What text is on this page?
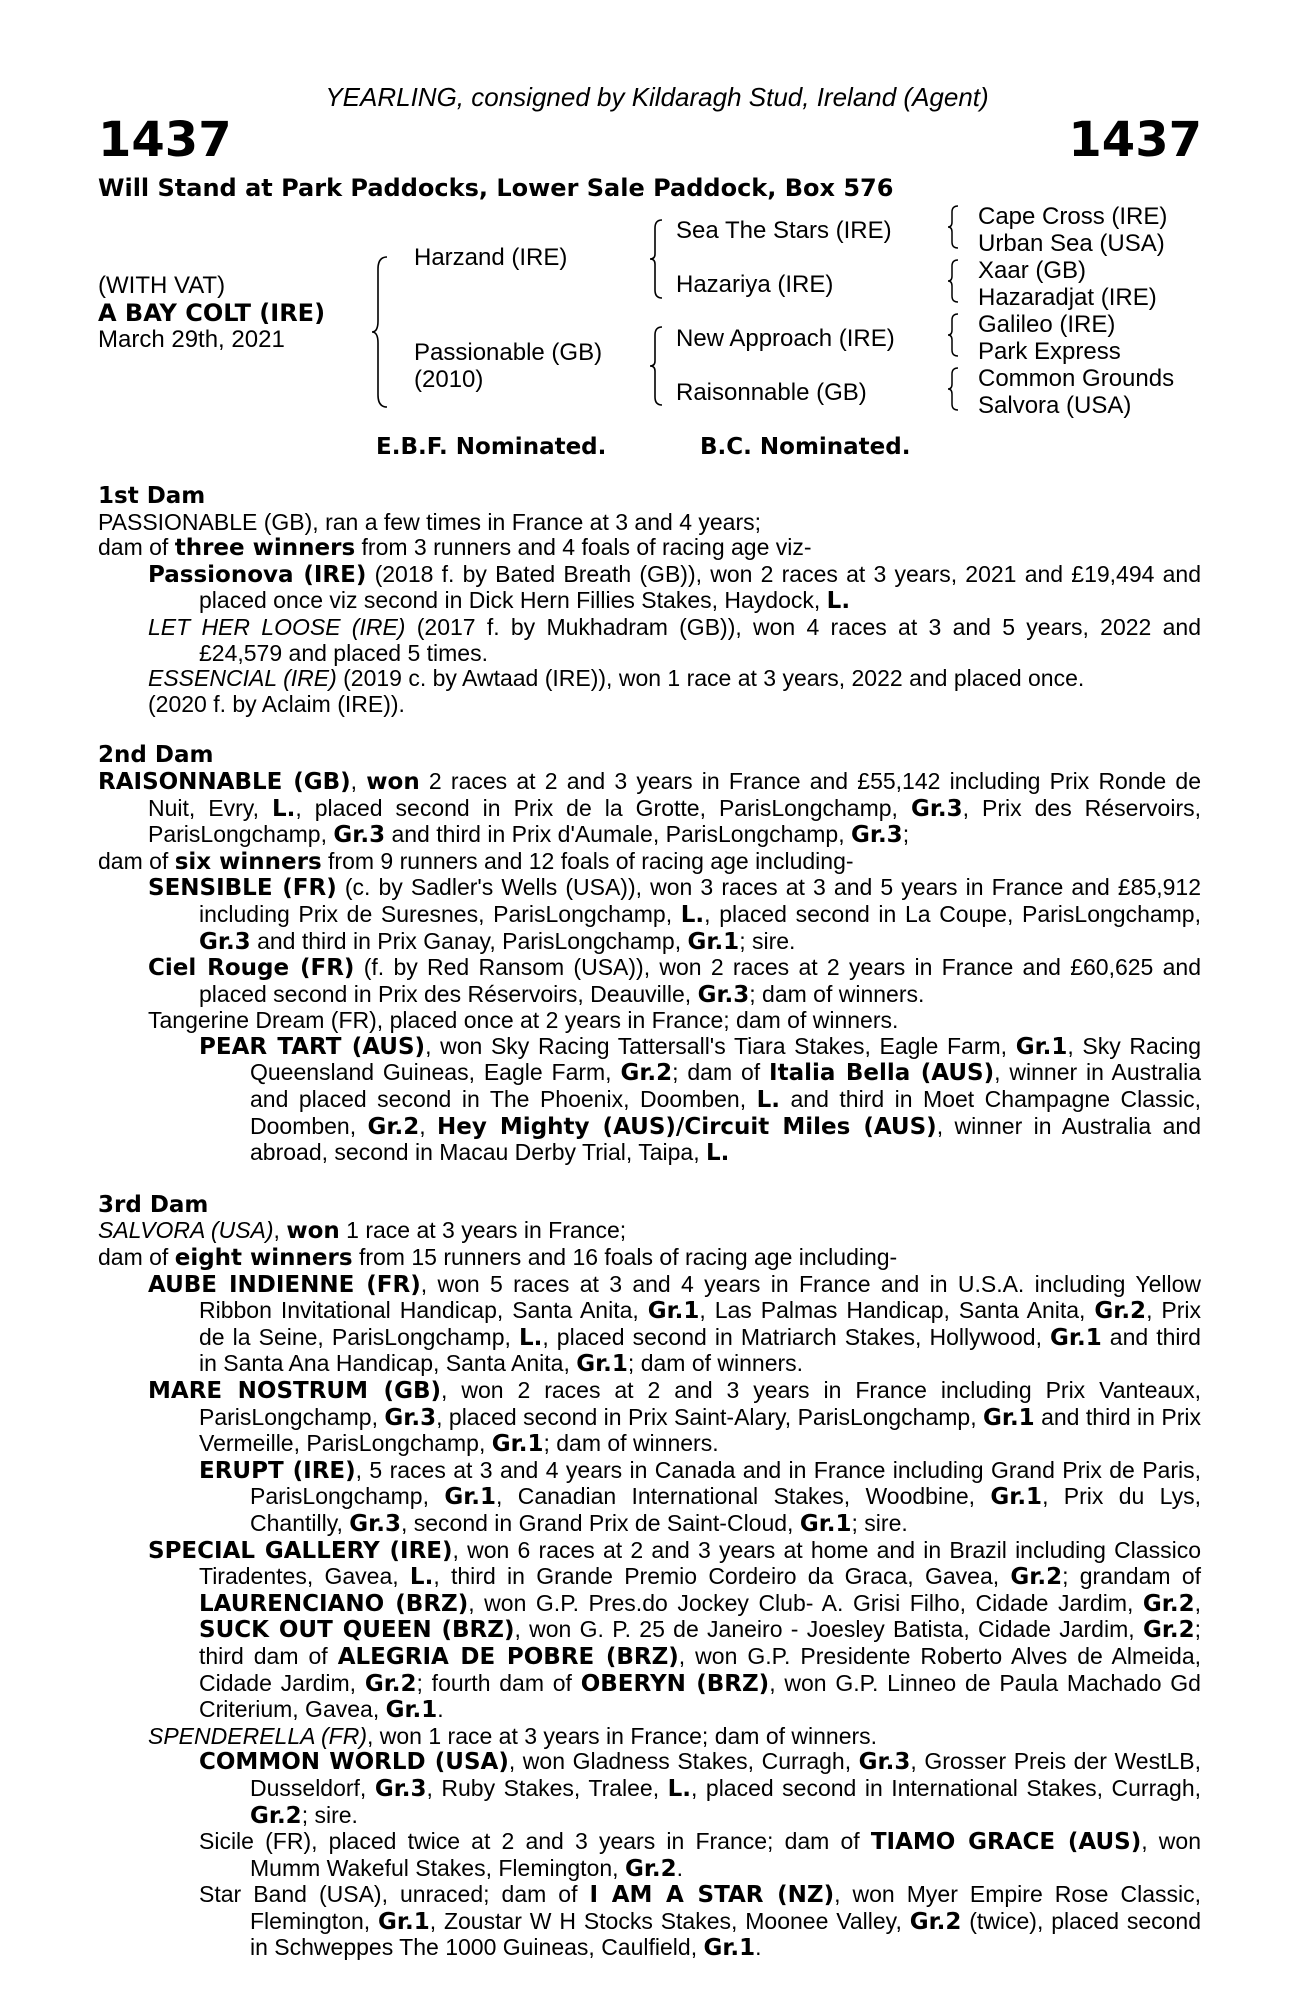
YEARLING, consigned by Kildaragh Stud, Ireland (Agent)
1437	1437
Will Stand at Park Paddocks, Lower Sale Paddock, Box 576
(WITH VAT)
A BAY COLT (IRE)
March 29th, 2021
Harzand (IRE)
Passionable (GB)
(2010)
Sea The Stars (IRE)
Hazariya (IRE)
New Approach (IRE)
Raisonnable (GB)
Cape Cross (IRE)
Urban Sea (USA)
Xaar (GB)
Hazaradjat (IRE)
Galileo (IRE)
Park Express
Common Grounds
Salvora (USA)
E.B.F. Nominated.	B.C. Nominated.

1st Dam

PASSIONABLE (GB), ran a few times in France at 3 and 4 years;

dam of three winners from 3 runners and 4 foals of racing age viz-

Passionova (IRE) (2018 f. by Bated Breath (GB)), won 2 races at 3 years, 2021 and £19,494 and placed once viz second in Dick Hern Fillies Stakes, Haydock, L.

LET HER LOOSE (IRE) (2017 f. by Mukhadram (GB)), won 4 races at 3 and 5 years, 2022 and £24,579 and placed 5 times.

ESSENCIAL (IRE) (2019 c. by Awtaad (IRE)), won 1 race at 3 years, 2022 and placed once.

(2020 f. by Aclaim (IRE)).

2nd Dam

RAISONNABLE (GB), won 2 races at 2 and 3 years in France and £55,142 including Prix Ronde de Nuit, Evry, L., placed second in Prix de la Grotte, ParisLongchamp, Gr.3, Prix des Réservoirs, ParisLongchamp, Gr.3 and third in Prix d'Aumale, ParisLongchamp, Gr.3;

dam of six winners from 9 runners and 12 foals of racing age including-

SENSIBLE (FR) (c. by Sadler's Wells (USA)), won 3 races at 3 and 5 years in France and £85,912 including Prix de Suresnes, ParisLongchamp, L., placed second in La Coupe, ParisLongchamp, Gr.3 and third in Prix Ganay, ParisLongchamp, Gr.1; sire.

Ciel Rouge (FR) (f. by Red Ransom (USA)), won 2 races at 2 years in France and £60,625 and placed second in Prix des Réservoirs, Deauville, Gr.3; dam of winners.

Tangerine Dream (FR), placed once at 2 years in France; dam of winners.

PEAR TART (AUS), won Sky Racing Tattersall's Tiara Stakes, Eagle Farm, Gr.1, Sky Racing Queensland Guineas, Eagle Farm, Gr.2; dam of Italia Bella (AUS), winner in Australia and placed second in The Phoenix, Doomben, L. and third in Moet Champagne Classic, Doomben, Gr.2, Hey Mighty (AUS)/Circuit Miles (AUS), winner in Australia and abroad, second in Macau Derby Trial, Taipa, L.

3rd Dam

SALVORA (USA), won 1 race at 3 years in France;

dam of eight winners from 15 runners and 16 foals of racing age including-

AUBE INDIENNE (FR), won 5 races at 3 and 4 years in France and in U.S.A. including Yellow Ribbon Invitational Handicap, Santa Anita, Gr.1, Las Palmas Handicap, Santa Anita, Gr.2, Prix de la Seine, ParisLongchamp, L., placed second in Matriarch Stakes, Hollywood, Gr.1 and third in Santa Ana Handicap, Santa Anita, Gr.1; dam of winners.

MARE NOSTRUM (GB), won 2 races at 2 and 3 years in France including Prix Vanteaux, ParisLongchamp, Gr.3, placed second in Prix Saint-Alary, ParisLongchamp, Gr.1 and third in Prix Vermeille, ParisLongchamp, Gr.1; dam of winners.

ERUPT (IRE), 5 races at 3 and 4 years in Canada and in France including Grand Prix de Paris, ParisLongchamp, Gr.1, Canadian International Stakes, Woodbine, Gr.1, Prix du Lys, Chantilly, Gr.3, second in Grand Prix de Saint-Cloud, Gr.1; sire.

SPECIAL GALLERY (IRE), won 6 races at 2 and 3 years at home and in Brazil including Classico Tiradentes, Gavea, L., third in Grande Premio Cordeiro da Graca, Gavea, Gr.2; grandam of LAURENCIANO (BRZ), won G.P. Pres.do Jockey Club- A. Grisi Filho, Cidade Jardim, Gr.2, SUCK OUT QUEEN (BRZ), won G. P. 25 de Janeiro - Joesley Batista, Cidade Jardim, Gr.2; third dam of ALEGRIA DE POBRE (BRZ), won G.P. Presidente Roberto Alves de Almeida, Cidade Jardim, Gr.2; fourth dam of OBERYN (BRZ), won G.P. Linneo de Paula Machado Gd Criterium, Gavea, Gr.1.

SPENDERELLA (FR), won 1 race at 3 years in France; dam of winners.

COMMON WORLD (USA), won Gladness Stakes, Curragh, Gr.3, Grosser Preis der WestLB, Dusseldorf, Gr.3, Ruby Stakes, Tralee, L., placed second in International Stakes, Curragh, Gr.2; sire.

Sicile (FR), placed twice at 2 and 3 years in France; dam of TIAMO GRACE (AUS), won Mumm Wakeful Stakes, Flemington, Gr.2.

Star Band (USA), unraced; dam of I AM A STAR (NZ), won Myer Empire Rose Classic, Flemington, Gr.1, Zoustar W H Stocks Stakes, Moonee Valley, Gr.2 (twice), placed second in Schweppes The 1000 Guineas, Caulfield, Gr.1.
